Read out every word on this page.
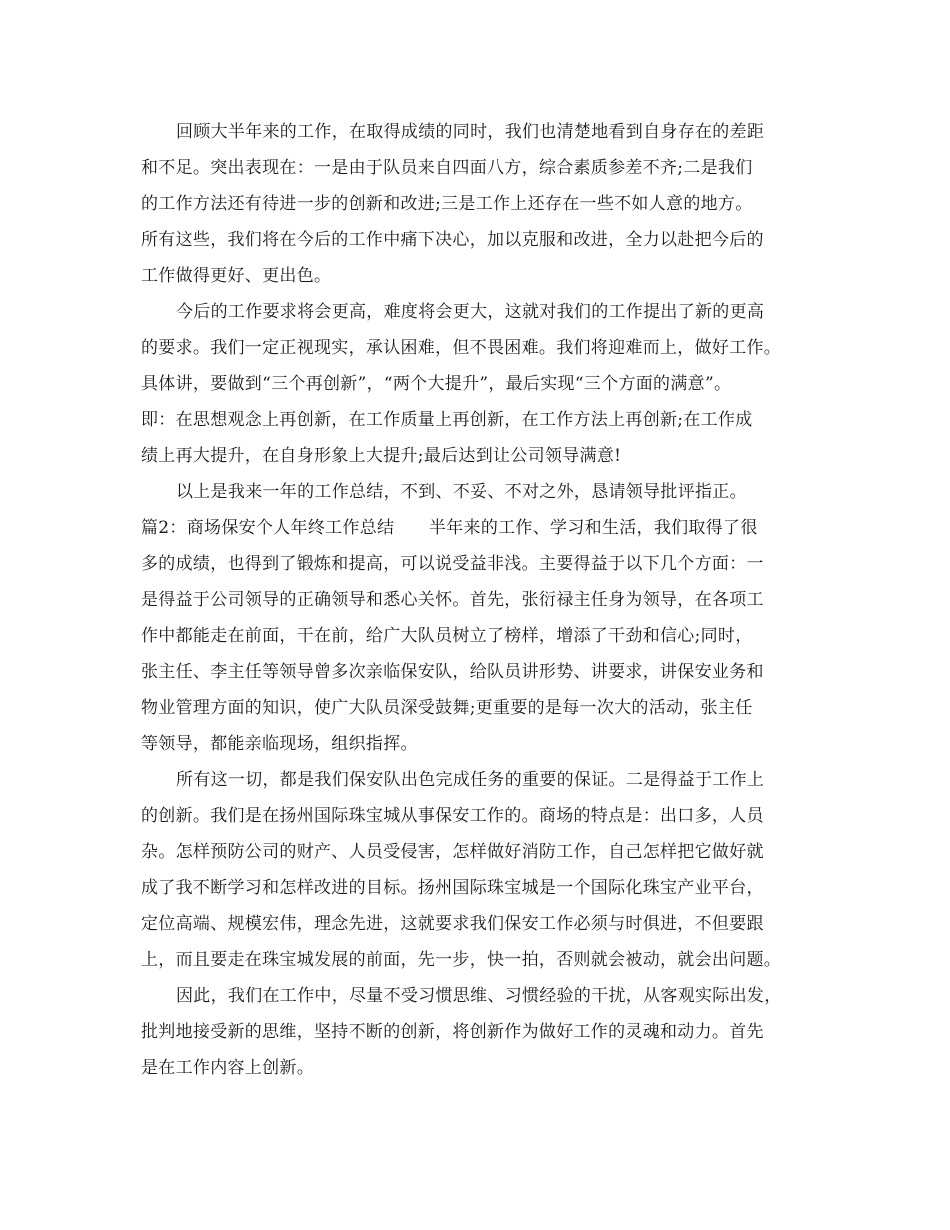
回顾大半年来的工作，在取得成绩的同时，我们也清楚地看到自身存在的差距
和不足。突出表现在：一是由于队员来自四面八方，综合素质参差不齐;二是我们
的工作方法还有待进一步的创新和改进;三是工作上还存在一些不如人意的地方。
所有这些，我们将在今后的工作中痛下决心，加以克服和改进，全力以赴把今后的
工作做得更好、更出色。
今后的工作要求将会更高，难度将会更大，这就对我们的工作提出了新的更高
的要求。我们一定正视现实，承认困难，但不畏困难。我们将迎难而上，做好工作。
具体讲，要做到“三个再创新”，“两个大提升”，最后实现“三个方面的满意”。
即：在思想观念上再创新，在工作质量上再创新，在工作方法上再创新;在工作成
绩上再大提升，在自身形象上大提升;最后达到让公司领导满意!
以上是我来一年的工作总结，不到、不妥、不对之外，恳请领导批评指正。
篇2：商场保安个人年终工作总结　　半年来的工作、学习和生活，我们取得了很
多的成绩，也得到了锻炼和提高，可以说受益非浅。主要得益于以下几个方面：一
是得益于公司领导的正确领导和悉心关怀。首先，张衍禄主任身为领导，在各项工
作中都能走在前面，干在前，给广大队员树立了榜样，增添了干劲和信心;同时，
张主任、李主任等领导曾多次亲临保安队，给队员讲形势、讲要求，讲保安业务和
物业管理方面的知识，使广大队员深受鼓舞;更重要的是每一次大的活动，张主任
等领导，都能亲临现场，组织指挥。
所有这一切，都是我们保安队出色完成任务的重要的保证。二是得益于工作上
的创新。我们是在扬州国际珠宝城从事保安工作的。商场的特点是：出口多，人员
杂。怎样预防公司的财产、人员受侵害，怎样做好消防工作，自己怎样把它做好就
成了我不断学习和怎样改进的目标。扬州国际珠宝城是一个国际化珠宝产业平台，
定位高端、规模宏伟，理念先进，这就要求我们保安工作必须与时俱进，不但要跟
上，而且要走在珠宝城发展的前面，先一步，快一拍，否则就会被动，就会出问题。
因此，我们在工作中，尽量不受习惯思维、习惯经验的干扰，从客观实际出发，
批判地接受新的思维，坚持不断的创新，将创新作为做好工作的灵魂和动力。首先
是在工作内容上创新。
